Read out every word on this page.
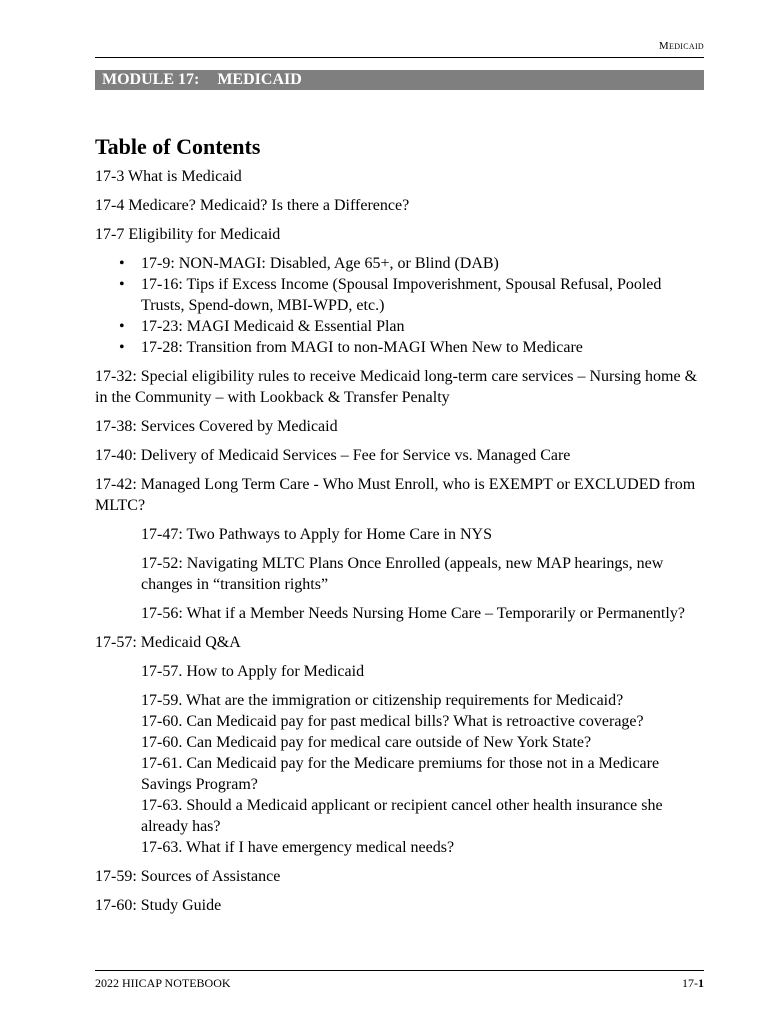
Medicaid
MODULE 17: MEDICAID
Table of Contents

17-3 What is Medicaid

17-4 Medicare? Medicaid? Is there a Difference?

17-7 Eligibility for Medicaid

• 17-9: NON-MAGI: Disabled, Age 65+, or Blind (DAB)
• 17-16: Tips if Excess Income (Spousal Impoverishment, Spousal Refusal, Pooled Trusts, Spend-down, MBI-WPD, etc.)
• 17-23: MAGI Medicaid & Essential Plan
• 17-28: Transition from MAGI to non-MAGI When New to Medicare

17-32: Special eligibility rules to receive Medicaid long-term care services – Nursing home & in the Community – with Lookback & Transfer Penalty

17-38: Services Covered by Medicaid

17-40: Delivery of Medicaid Services – Fee for Service vs. Managed Care

17-42: Managed Long Term Care - Who Must Enroll, who is EXEMPT or EXCLUDED from MLTC?

17-47: Two Pathways to Apply for Home Care in NYS

17-52: Navigating MLTC Plans Once Enrolled (appeals, new MAP hearings, new changes in “transition rights”

17-56: What if a Member Needs Nursing Home Care – Temporarily or Permanently?

17-57: Medicaid Q&A

17-57. How to Apply for Medicaid

17-59. What are the immigration or citizenship requirements for Medicaid?

17-60. Can Medicaid pay for past medical bills? What is retroactive coverage?

17-60. Can Medicaid pay for medical care outside of New York State?

17-61. Can Medicaid pay for the Medicare premiums for those not in a Medicare Savings Program?

17-63. Should a Medicaid applicant or recipient cancel other health insurance she already has?

17-63. What if I have emergency medical needs?

17-59: Sources of Assistance

17-60: Study Guide

2022 HIICAP NOTEBOOK	17-1
